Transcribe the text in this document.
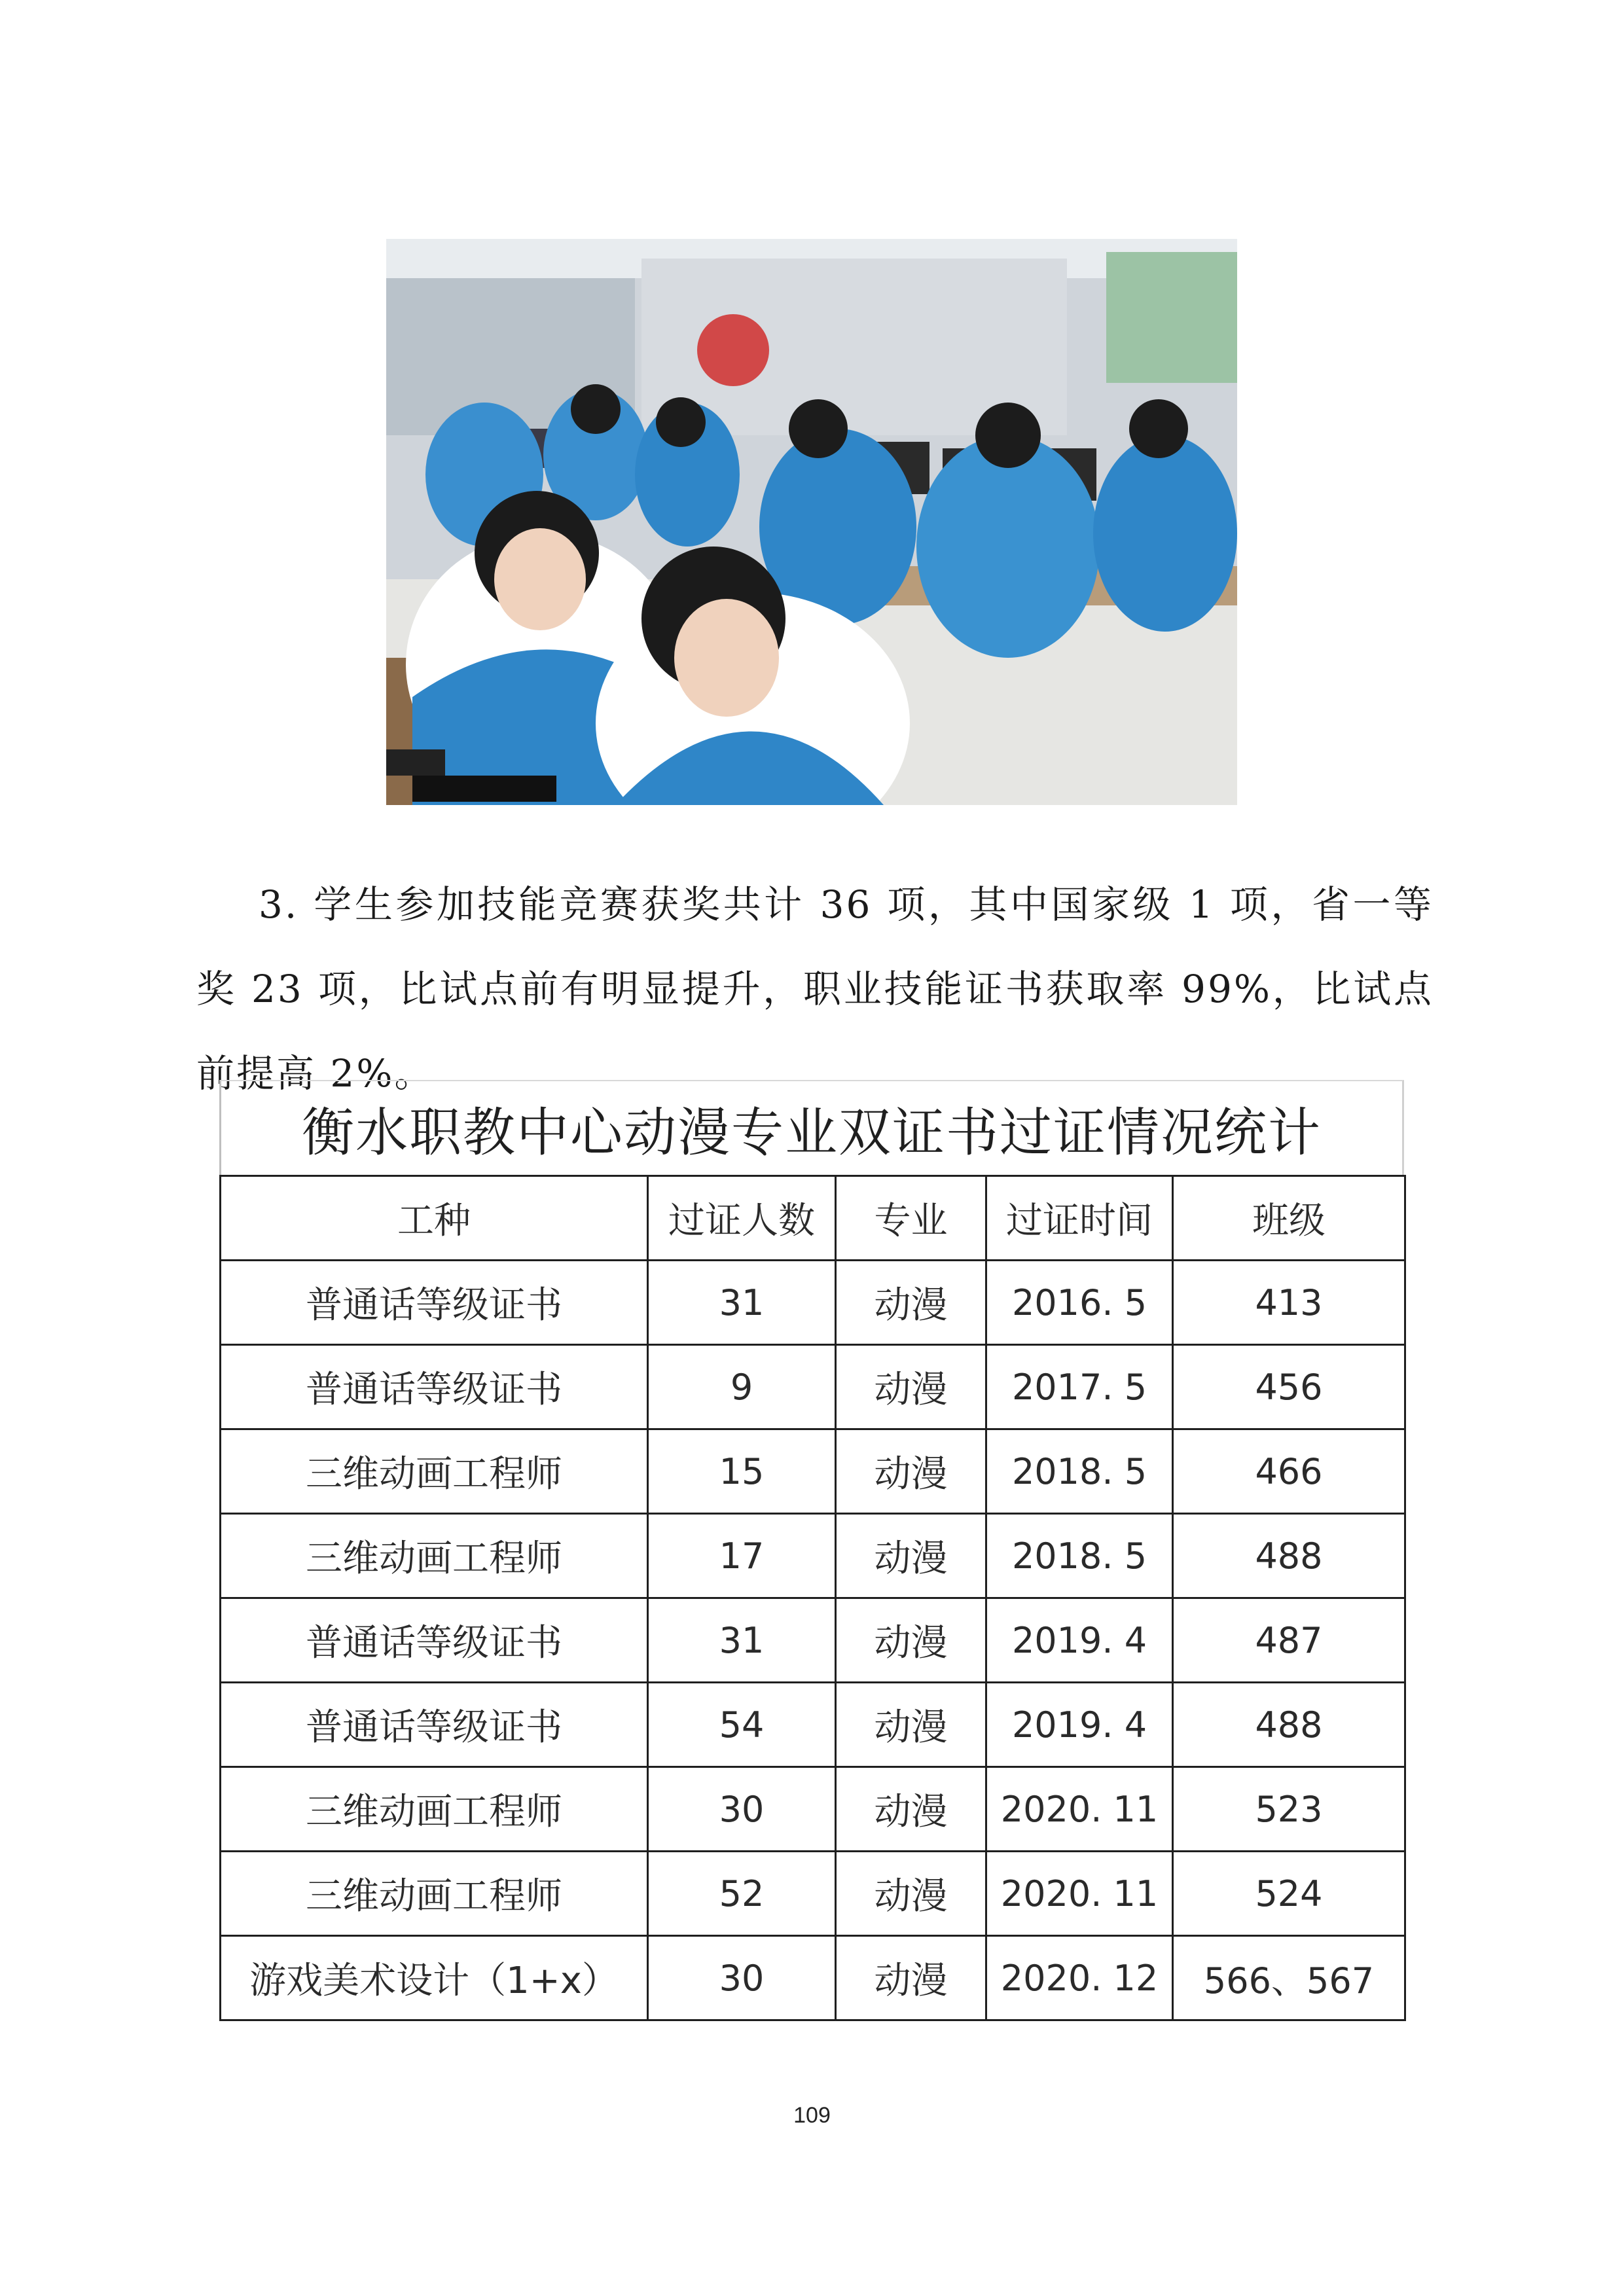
3. 学生参加技能竞赛获奖共计 36 项，其中国家级 1 项，省一等奖 23 项，比试点前有明显提升，职业技能证书获取率 99%，比试点前提高 2%。

衡水职教中心动漫专业双证书过证情况统计
工种	过证人数	专业	过证时间	班级
普通话等级证书	31	动漫	2016. 5	413
普通话等级证书	9	动漫	2017. 5	456
三维动画工程师	15	动漫	2018. 5	466
三维动画工程师	17	动漫	2018. 5	488
普通话等级证书	31	动漫	2019. 4	487
普通话等级证书	54	动漫	2019. 4	488
三维动画工程师	30	动漫	2020. 11	523
三维动画工程师	52	动漫	2020. 11	524
游戏美术设计（1+x）	30	动漫	2020. 12	566、567
109
